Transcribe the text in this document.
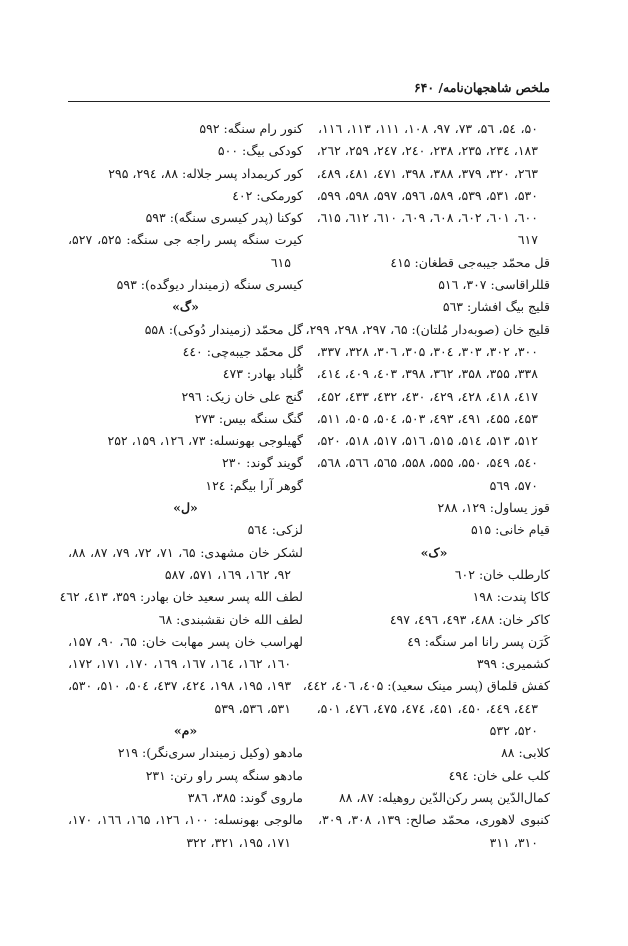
ملخص شاهجهان‌نامه/ ۶۴۰
۵۰، ۵٤، ۵٦، ۷۳، ۹۷، ۱۰۸، ۱۱۱، ۱۱۳، ۱۱٦،
۱۸۳، ۲۳٤، ۲۳۵، ۲۳۸، ۲٤۰، ۲٤۷، ۲۵۹، ۲٦۲،
۲٦۳، ۳۲۰، ۳۷۹، ۳۸۸، ۳۹۸، ٤۷۱، ٤۸۱، ٤۸۹،
۵۳۰، ۵۳۱، ۵۳۹، ۵۸۹، ۵۹٦، ۵۹۷، ۵۹۸، ۵۹۹،
٦۰۰، ٦۰۱، ٦۰۲، ٦۰۸، ٦۰۹، ٦۱۰، ٦۱۲، ٦۱۵،
٦۱۷
قل محمّد جیبه‌جی قطغان: ٤۱۵
قللراقاسی: ۳۰۷، ۵۱٦
قلیج بیگ افشار: ۵٦۳
قلیج خان (صوبه‌دار مُلتان): ٦۵، ۲۹۷، ۲۹۸، ۲۹۹،
۳۰۰، ۳۰۲، ۳۰۳، ۳۰٤، ۳۰۵، ۳۰٦، ۳۲۸، ۳۳۷،
۳۳۸، ۳۵۵، ۳۵۸، ۳٦۲، ۳۹۸، ٤۰۳، ٤۰۹، ٤۱٤،
٤۱۷، ٤۱۸، ٤۲۸، ٤۲۹، ٤۳۰، ٤۳۲، ٤۳۳، ٤۵۲،
٤۵۳، ٤۵۵، ٤۹۱، ٤۹۳، ۵۰۳، ۵۰٤، ۵۰۵، ۵۱۱،
۵۱۲، ۵۱۳، ۵۱٤، ۵۱۵، ۵۱٦، ۵۱۷، ۵۱۸، ۵۲۰،
۵٤۰، ۵٤۹، ۵۵۰، ۵۵۵، ۵۵۸، ۵٦۵، ۵٦٦، ۵٦۸،
۵۷۰، ۵٦۹
قوز یساول: ۱۲۹، ۲۸۸
قیام خانی: ۵۱۵
«ک»
کارطلب خان: ٦۰۲
کاکا پندت: ۱۹۸
کاکر خان: ٤۸۸، ٤۹۳، ٤۹٦، ٤۹۷
کَرَن پسر رانا امر سنگه: ٤۹
کشمیری: ۳۹۹
کفش قلماق (پسر مینک سعید): ٤۰۵، ٤۰٦، ٤٤۲،
٤٤۳، ٤٤۹، ٤۵۰، ٤۵۱، ٤۷٤، ٤۷۵، ٤۷٦، ۵۰۱،
۵۲۰، ۵۳۲
کلابی: ۸۸
کلب علی خان: ٤۹٤
کمال‌الدّین پسر رکن‌الدّین روهیله: ۸۷، ۸۸
کنبوی لاهوری، محمّد صالح: ۱۳۹، ۳۰۸، ۳۰۹،
۳۱۰، ۳۱۱
کنور رام سنگه: ۵۹۲
کودکی بیگ: ۵۰۰
کور کریمداد پسر جلاله: ۸۸، ۲۹٤، ۲۹۵
کورمکی: ٤۰۲
کوکنا (پدر کیسری سنگه): ۵۹۳
کیرت سنگه پسر راجه جی سنگه: ۵۲۵، ۵۲۷،
٦۱۵
کیسری سنگه (زمیندار دیوگده): ۵۹۳
«گ»
گل محمّد (زمیندار دُوکی): ۵۵۸
گل محمّد جیبه‌چی: ٤٤۰
گُلباد بهادر: ٤۷۳
گنج علی خان زیک: ۲۹٦
گنگ سنگه بیس: ۲۷۳
گهیلوجی بهونسله: ۷۳، ۱۲٦، ۱۵۹، ۲۵۲
گویند گوند: ۲۳۰
گوهر آرا بیگم: ۱۲٤
«ل»
لزکی: ۵٦٤
لشکر خان مشهدی: ٦۵، ۷۱، ۷۲، ۷۹، ۸۷، ۸۸،
۹۲، ۱٦۲، ۱٦۹، ۵۷۱، ۵۸۷
لطف الله پسر سعید خان بهادر: ۳۵۹، ٤۱۳، ٤٦۲
لطف الله خان نقشبندی: ٦۸
لهراسب خان پسر مهابت خان: ٦۵، ۹۰، ۱۵۷،
۱٦۰، ۱٦۲، ۱٦٤، ۱٦۷، ۱٦۹، ۱۷۰، ۱۷۱، ۱۷۲،
۱۹۳، ۱۹۵، ۱۹۸، ٤۲٤، ٤۳۷، ۵۰٤، ۵۱۰، ۵۳۰،
۵۳۱، ۵۳٦، ۵۳۹
«م»
مادهو (وکیل زمیندار سری‌نگر): ۲۱۹
مادهو سنگه پسر راو رتن: ۲۳۱
ماروی گوند: ۳۸۵، ۳۸٦
مالوجی بهونسله: ۱۰۰، ۱۲٦، ۱٦۵، ۱٦٦، ۱۷۰،
۱۷۱، ۱۹۵، ۳۲۱، ۳۲۲
